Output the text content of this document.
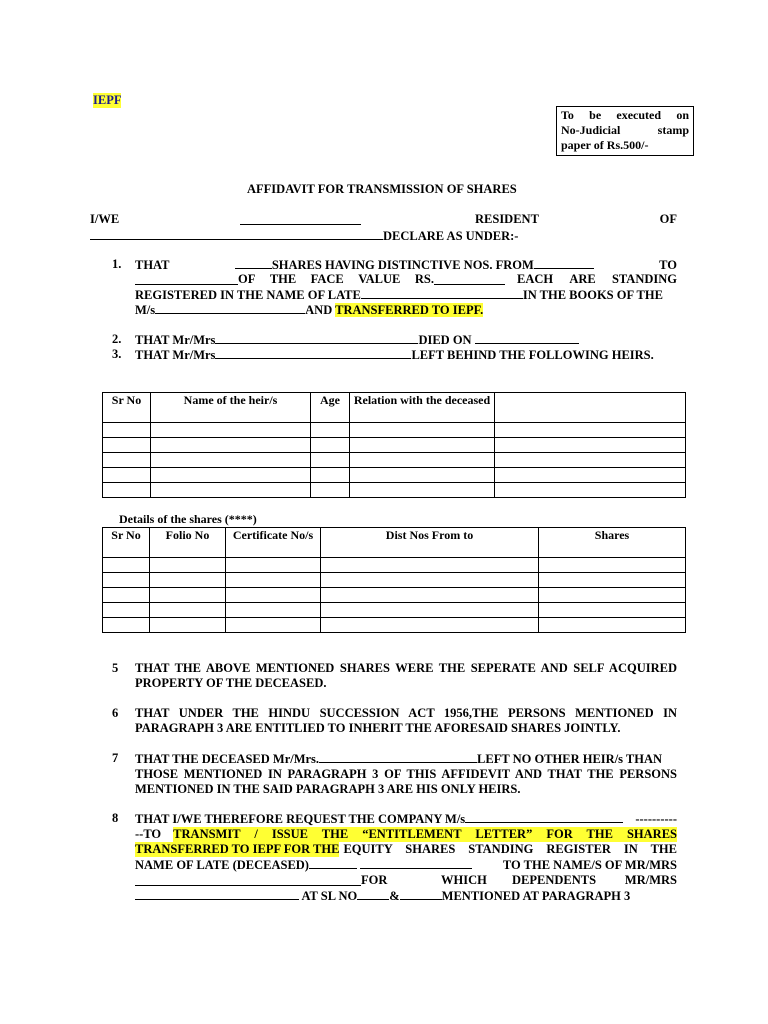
IEPF
To be executed on
No-Judicial	stamp
paper of Rs.500/-
AFFIDAVIT FOR TRANSMISSION OF SHARES
I/WE	RESIDENT	OF
DECLARE AS UNDER:-
1. THAT	SHARES HAVING DISTINCTIVE NOS. FROM	TO
OF THE FACE VALUE RS.	EACH ARE STANDING
REGISTERED IN THE NAME OF LATE	IN THE BOOKS OF THE
M/s	AND TRANSFERRED TO IEPF.
2. THAT Mr/Mrs	DIED ON
3. THAT Mr/Mrs	LEFT BEHIND THE FOLLOWING HEIRS.
Sr No	Name of the heir/s	Age	Relation with the deceased	

Details of the shares (****)
Sr No	Folio No	Certificate No/s	Dist Nos From to	Shares

5 THAT THE ABOVE MENTIONED SHARES WERE THE SEPERATE AND SELF ACQUIRED
PROPERTY OF THE DECEASED.
6 THAT UNDER THE HINDU SUCCESSION ACT 1956,THE PERSONS MENTIONED IN
PARAGRAPH 3 ARE ENTITLIED TO INHERIT THE AFORESAID SHARES JOINTLY.
7 THAT THE DECEASED Mr/Mrs.	LEFT NO OTHER HEIR/s THAN
THOSE MENTIONED IN PARAGRAPH 3 OF THIS AFFIDEVIT AND THAT THE PERSONS
MENTIONED IN THE SAID PARAGRAPH 3 ARE HIS ONLY HEIRS.
8 THAT I/WE THEREFORE REQUEST THE COMPANY M/s	----------
--TO TRANSMIT / ISSUE THE “ENTITLEMENT LETTER” FOR THE SHARES
TRANSFERRED TO IEPF FOR THE EQUITY SHARES STANDING REGISTER IN THE
NAME OF LATE (DECEASED)	TO THE NAME/S OF MR/MRS
FOR	WHICH DEPENDENTS MR/MRS
AT SL NO	&	MENTIONED AT PARAGRAPH 3
